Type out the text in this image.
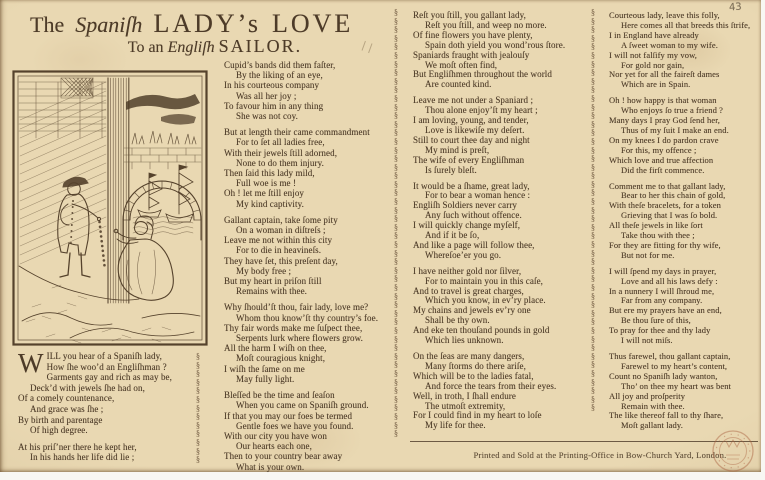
The Spaniſh LADY’s LOVE
To an Engliſh SAILOR.
43
W ILL you hear of a Spaniſh lady,
How ſhe woo’d an Engliſhman ?
Garments gay and rich as may be,
Deck’d with jewels ſhe had on,
Of a comely countenance,
And grace was ſhe ;
By birth and parentage
Of high degree.
At his priſ’ner there he kept her,
In his hands her life did lie ;
§
§
§
§
§
§
§
§
§
§
§
§
§
§
§
§
§
§
§
§
§
§
§
§
§
§
§
§
§
§
§
§
§
§
§
§
§
§
§
§
§
§
§
§
§
§
§
§
§
§
§
§
§
§
§
§
§
§
§
§
§
§
§
§
§
§
§
§
§
§
§
§
§
§
§
§
§
§
§
§
§
§
§
§
§
§
§
§
§
§
§
§
§
§
§
§
§
§
§
§
§
§
§
§
§
§
§
§
§
§
Cupid’s bands did them faſter,
By the liking of an eye,
In his courteous company
Was all her joy ;
To favour him in any thing
She was not coy.
But at length their came commandment
For to ſet all ladies free,
With their jewels ſtill adorned,
None to do them injury.
Then ſaid this lady mild,
Full woe is me !
Oh ! let me ſtill enjoy
My kind captivity.
Gallant captain, take ſome pity
On a woman in diſtreſs ;
Leave me not within this city
For to die in heavineſs.
They have ſet, this preſent day,
My body free ;
But my heart in priſon ſtill
Remains with thee.
Why ſhould’ſt thou, fair lady, love me?
Whom thou know’ſt thy country’s foe.
Thy fair words make me ſuſpect thee,
Serpents lurk where flowers grow.
All the harm I wiſh on thee,
Moſt couragious knight,
I wiſh the ſame on me
May fully light.
Bleſſed be the time and ſeaſon
When you came on Spaniſh ground.
If that you may our foes be termed
Gentle foes we have you found.
With our city you have won
Our hearts each one,
Then to your country bear away
What is your own.
Reſt you ſtill, you gallant lady,
Reſt you ſtill, and weep no more.
Of fine flowers you have plenty,
Spain doth yield you wond’rous ſtore.
Spaniards fraught with jealouſy
We moſt often find,
But Engliſhmen throughout the world
Are counted kind.
Leave me not under a Spaniard ;
Thou alone enjoy’ſt my heart ;
I am loving, young, and tender,
Love is likewiſe my deſert.
Still to court thee day and night
My mind is preſt,
The wife of every Engliſhman
Is ſurely bleſt.
It would be a ſhame, great lady,
For to bear a woman hence :
Engliſh Soldiers never carry
Any ſuch without offence.
I will quickly change myſelf,
And if it be ſo,
And like a page will follow thee,
Whereſoe’er you go.
I have neither gold nor ſilver,
For to maintain you in this caſe,
And to travel is great charges,
Which you know, in ev’ry place.
My chains and jewels ev’ry one
Shall be thy own.
And eke ten thouſand pounds in gold
Which lies unknown.
On the ſeas are many dangers,
Many ſtorms do there ariſe,
Which will be to the ladies fatal,
And force the tears from their eyes.
Well, in troth, I ſhall endure
The utmoſt extremity,
For I could find in my heart to loſe
My life for thee.
Courteous lady, leave this folly,
Here comes all that breeds this ſtrife,
I in England have already
A ſweet woman to my wife.
I will not falſify my vow,
For gold nor gain,
Nor yet for all the faireſt dames
Which are in Spain.
Oh ! how happy is that woman
Who enjoys ſo true a friend ?
Many days I pray God ſend her,
Thus of my ſuit I make an end.
On my knees I do pardon crave
For this, my offence ;
Which love and true affection
Did the firſt commence.
Comment me to that gallant lady,
Bear to her this chain of gold,
With theſe bracelets, for a token
Grieving that I was ſo bold.
All theſe jewels in like ſort
Take thou with thee ;
For they are fitting for thy wife,
But not for me.
I will ſpend my days in prayer,
Love and all his laws defy :
In a nunnery I will ſhroud me,
Far from any company.
But ere my prayers have an end,
Be thou ſure of this,
To pray for thee and thy lady
I will not miſs.
Thus farewel, thou gallant captain,
Farewel to my heart’s content,
Count no Spaniſh lady wanton,
Tho’ on thee my heart was bent
All joy and proſperity
Remain with thee.
The like thereof fall to thy ſhare,
Moſt gallant lady.
Printed and Sold at the Printing-Office in Bow-Church Yard, London.
